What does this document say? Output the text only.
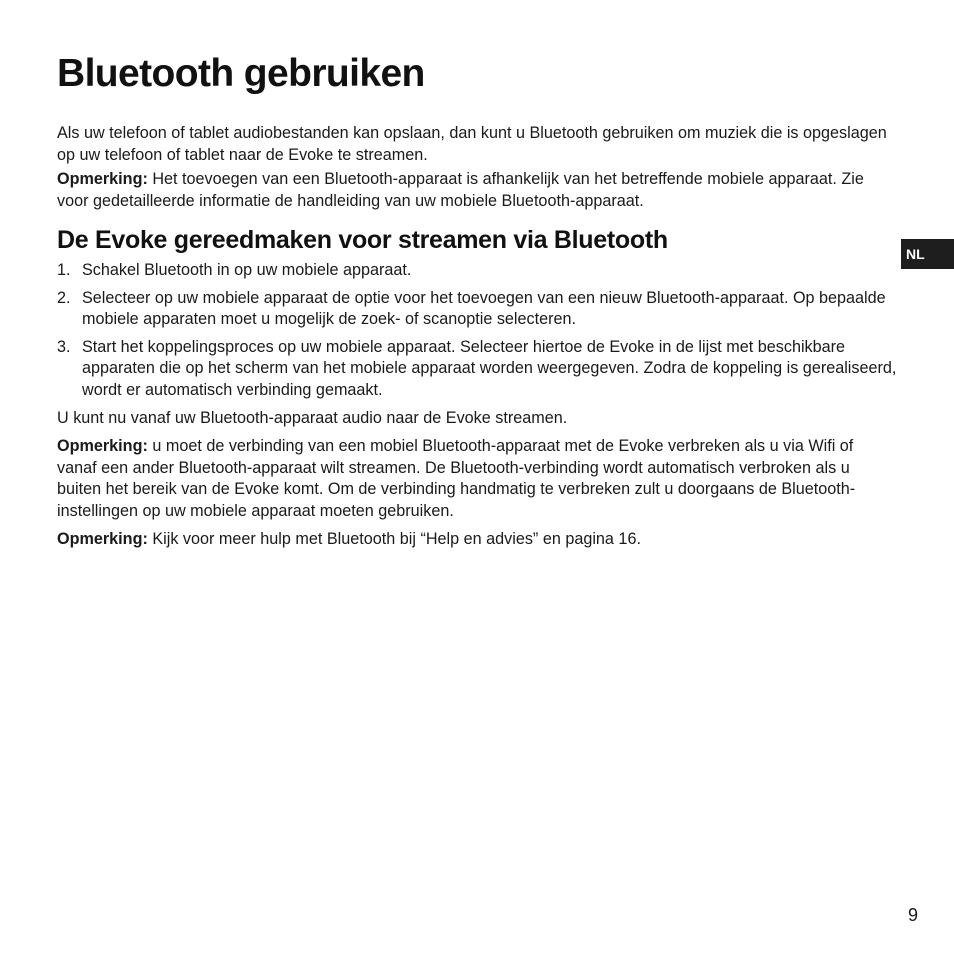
Bluetooth gebruiken

Als uw telefoon of tablet audiobestanden kan opslaan, dan kunt u Bluetooth gebruiken om muziek die is opgeslagen op uw telefoon of tablet naar de Evoke te streamen.

Opmerking: Het toevoegen van een Bluetooth-apparaat is afhankelijk van het betreffende mobiele apparaat. Zie voor gedetailleerde informatie de handleiding van uw mobiele Bluetooth-apparaat.

De Evoke gereedmaken voor streamen via Bluetooth
1. Schakel Bluetooth in op uw mobiele apparaat.
2. Selecteer op uw mobiele apparaat de optie voor het toevoegen van een nieuw Bluetooth-apparaat. Op bepaalde mobiele apparaten moet u mogelijk de zoek- of scanoptie selecteren.
3. Start het koppelingsproces op uw mobiele apparaat. Selecteer hiertoe de Evoke in de lijst met beschikbare apparaten die op het scherm van het mobiele apparaat worden weergegeven. Zodra de koppeling is gerealiseerd, wordt er automatisch verbinding gemaakt.

U kunt nu vanaf uw Bluetooth-apparaat audio naar de Evoke streamen.

Opmerking: u moet de verbinding van een mobiel Bluetooth-apparaat met de Evoke verbreken als u via Wifi of vanaf een ander Bluetooth-apparaat wilt streamen. De Bluetooth-verbinding wordt automatisch verbroken als u buiten het bereik van de Evoke komt. Om de verbinding handmatig te verbreken zult u doorgaans de Bluetooth-instellingen op uw mobiele apparaat moeten gebruiken.

Opmerking: Kijk voor meer hulp met Bluetooth bij “Help en advies” en pagina 16.

NL
9
